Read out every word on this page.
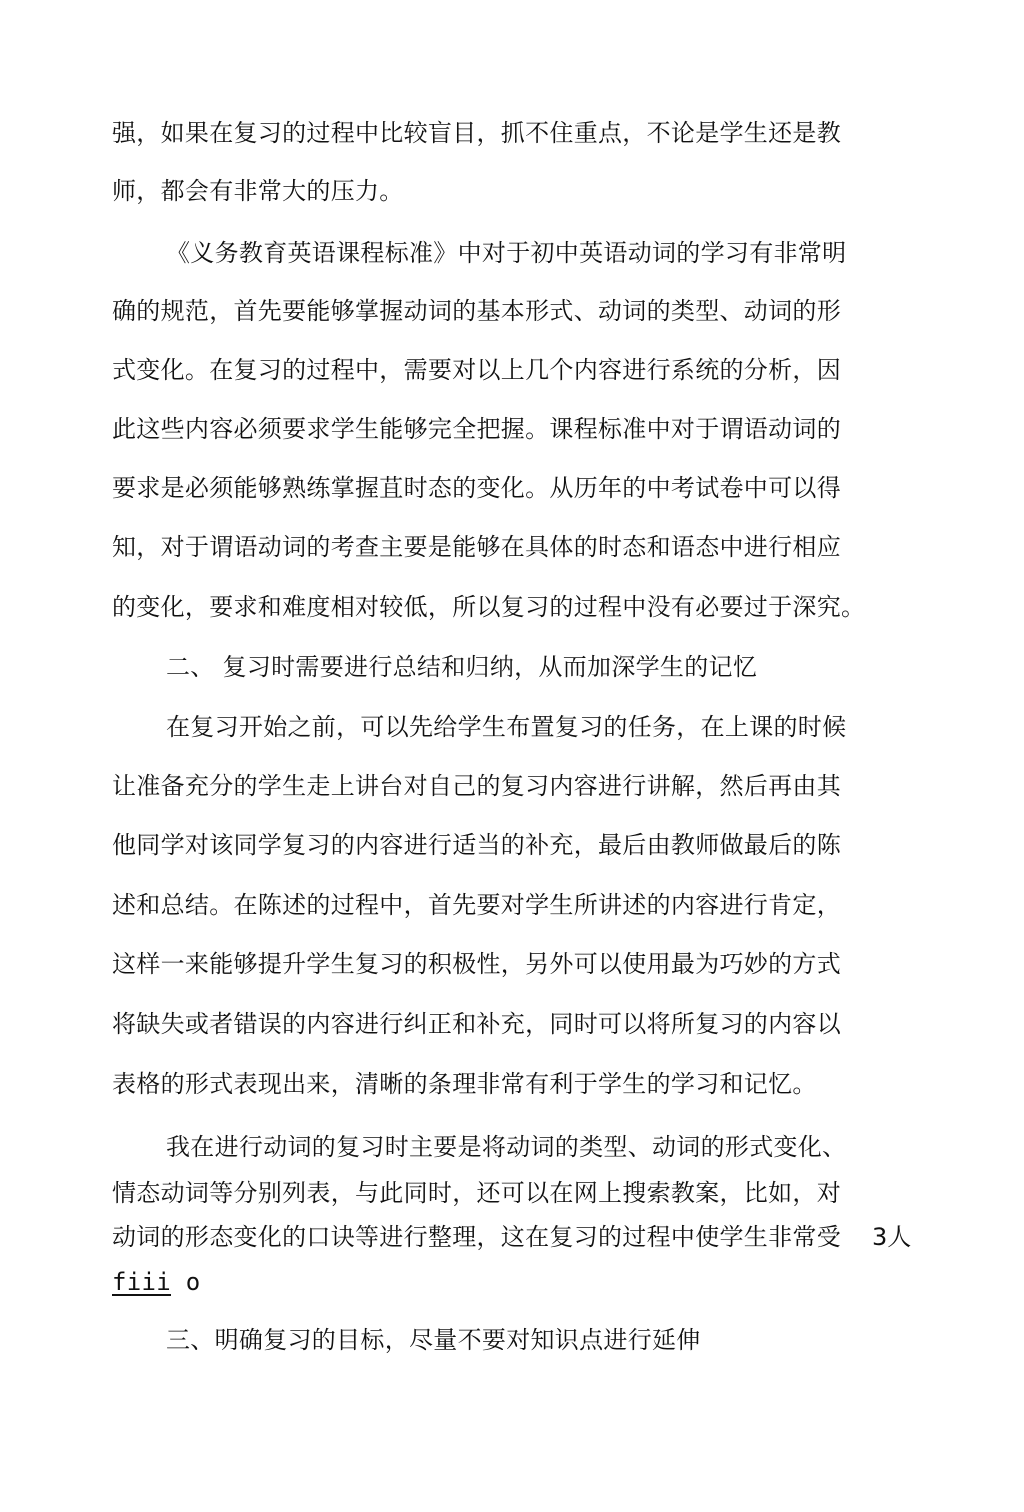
强，如果在复习的过程中比较盲目，抓不住重点，不论是学生还是教
师，都会有非常大的压力。
《义务教育英语课程标准》中对于初中英语动词的学习有非常明
确的规范，首先要能够掌握动词的基本形式、动词的类型、动词的形
式变化。在复习的过程中，需要对以上几个内容进行系统的分析，因
此这些内容必须要求学生能够完全把握。课程标准中对于谓语动词的
要求是必须能够熟练掌握苴时态的变化。从历年的中考试卷中可以得
知，对于谓语动词的考查主要是能够在具体的时态和语态中进行相应
的变化，要求和难度相对较低，所以复习的过程中没有必要过于深究。
二、 复习时需要进行总结和归纳，从而加深学生的记忆
在复习开始之前，可以先给学生布置复习的任务，在上课的时候
让准备充分的学生走上讲台对自己的复习内容进行讲解，然后再由其
他同学对该同学复习的内容进行适当的补充，最后由教师做最后的陈
述和总结。在陈述的过程中，首先要对学生所讲述的内容进行肯定，
这样一来能够提升学生复习的积极性，另外可以使用最为巧妙的方式
将缺失或者错误的内容进行纠正和补充，同时可以将所复习的内容以
表格的形式表现出来，清晰的条理非常有利于学生的学习和记忆。
我在进行动词的复习时主要是将动词的类型、动词的形式变化、
情态动词等分别列表，与此同时，还可以在网上搜索教案，比如，对
动词的形态变化的口诀等进行整理，这在复习的过程中使学生非常受 3人
fiii o
三、明确复习的目标，尽量不要对知识点进行延伸
